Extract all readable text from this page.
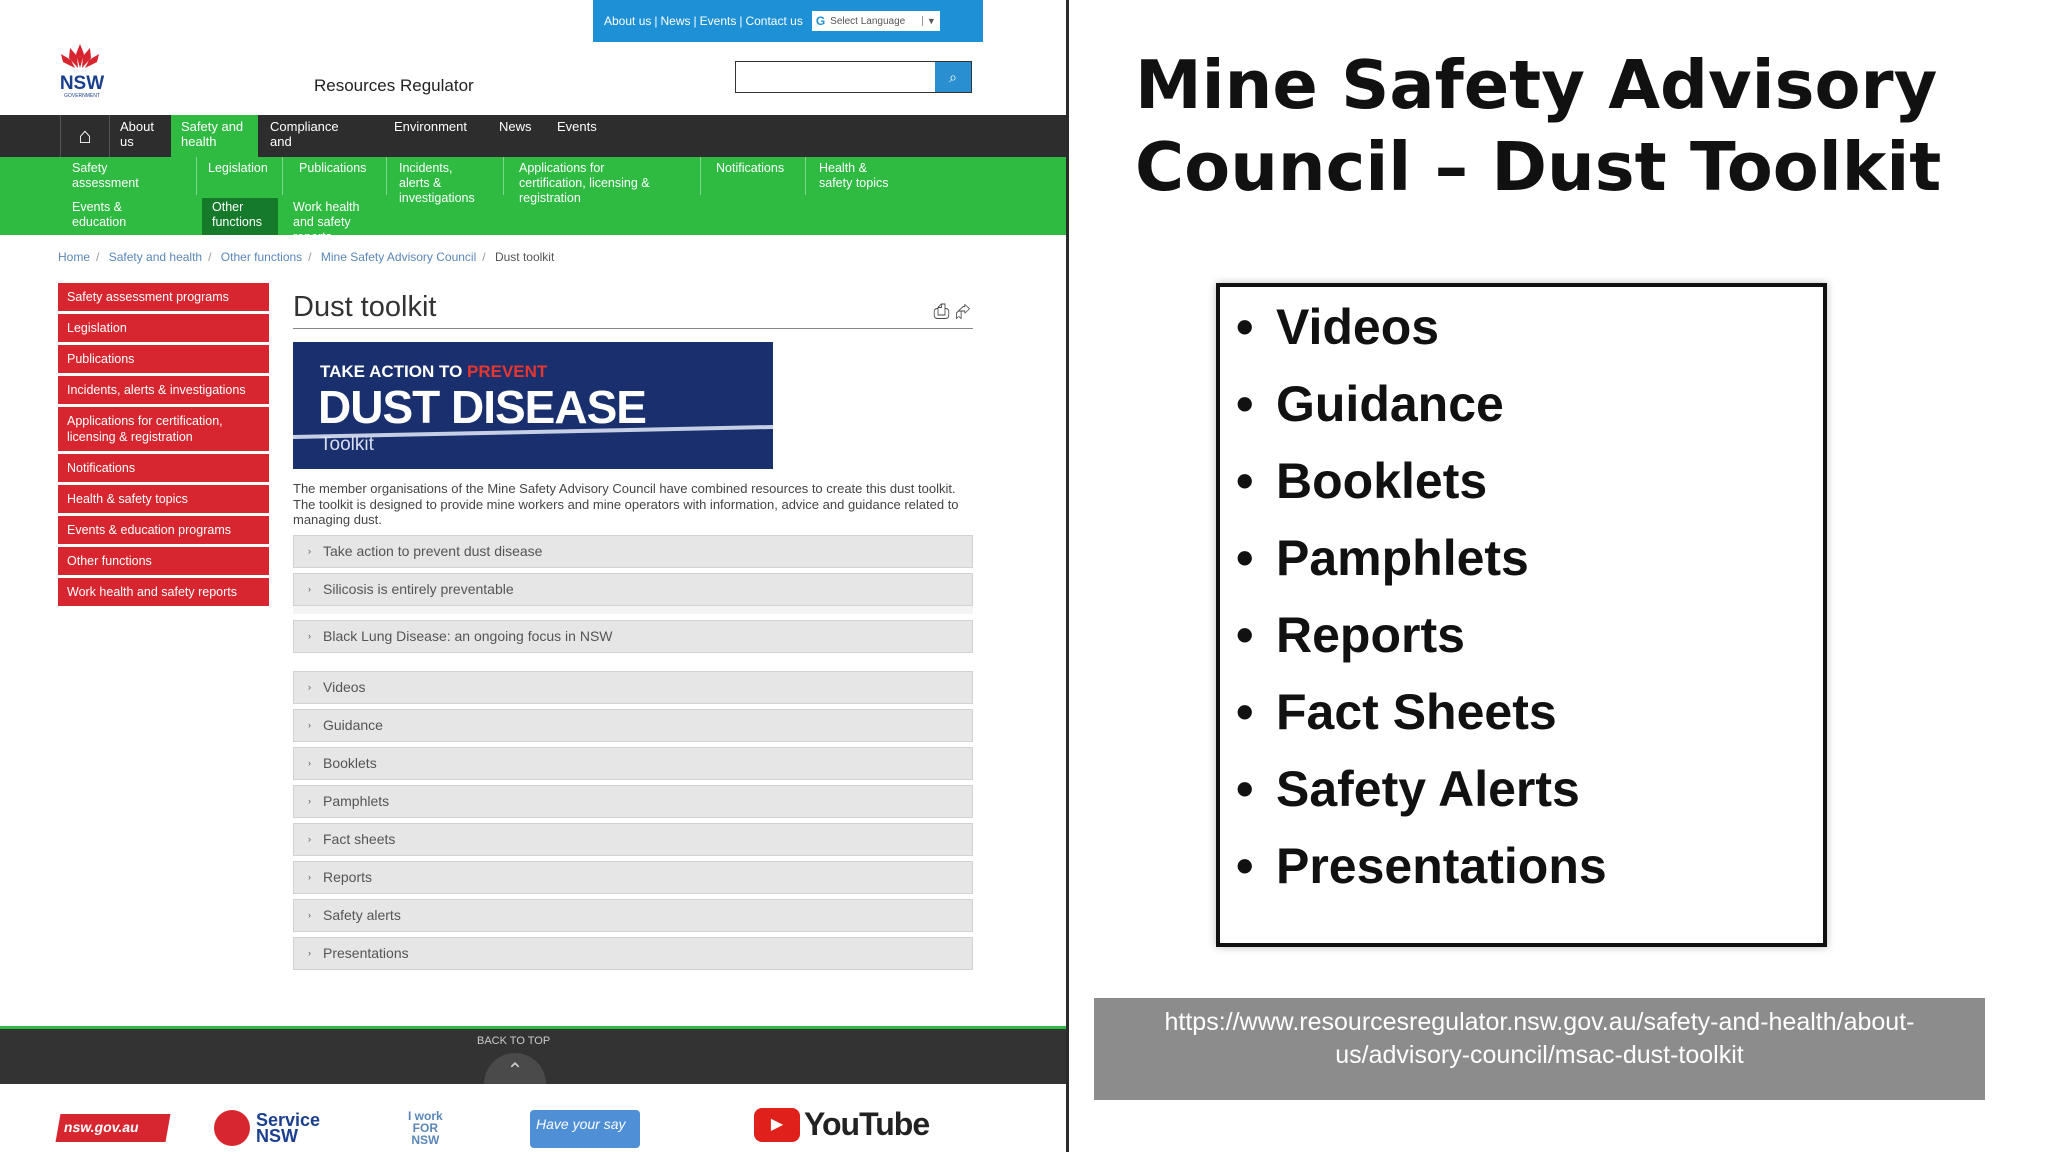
About us | News | Events | Contact us G Select Language	▼
NSW
GOVERNMENT
Resources Regulator	⌕
⌂	About us
Safety and health
Compliance and
Environment	News	Events
Safety assessment
Legislation	Publications	Incidents, alerts & investigations
Applications for certification, licensing & registration
Notifications	Health & safety topics
Events & education
Other functions
Work health and safety reports
Home / Safety and health / Other functions / Mine Safety Advisory Council / Dust toolkit
Safety assessment programs
Legislation
Publications
Incidents, alerts & investigations
Applications for certification, licensing & registration
Notifications
Health & safety topics
Events & education programs
Other functions
Work health and safety reports
Dust toolkit	⎙ ⮳
TAKE ACTION TO PREVENT
DUST DISEASE
Toolkit

The member organisations of the Mine Safety Advisory Council have combined resources to create this dust toolkit. The toolkit is designed to provide mine workers and mine operators with information, advice and guidance related to managing dust.

› Take action to prevent dust disease
› Silicosis is entirely preventable
› Black Lung Disease: an ongoing focus in NSW
› Videos
› Guidance
› Booklets
› Pamphlets
› Fact sheets
› Reports
› Safety alerts
› Presentations
BACK TO TOP
⌃
nsw.gov.au	Service
NSW
I work
FOR
NSW
Have your say	▶ YouTube
Mine Safety Advisory Council – Dust Toolkit
• Videos
• Guidance
• Booklets
• Pamphlets
• Reports
• Fact Sheets
• Safety Alerts
• Presentations
https://www.resourcesregulator.nsw.gov.au/safety-and-health/about-us/advisory-council/msac-dust-toolkit
